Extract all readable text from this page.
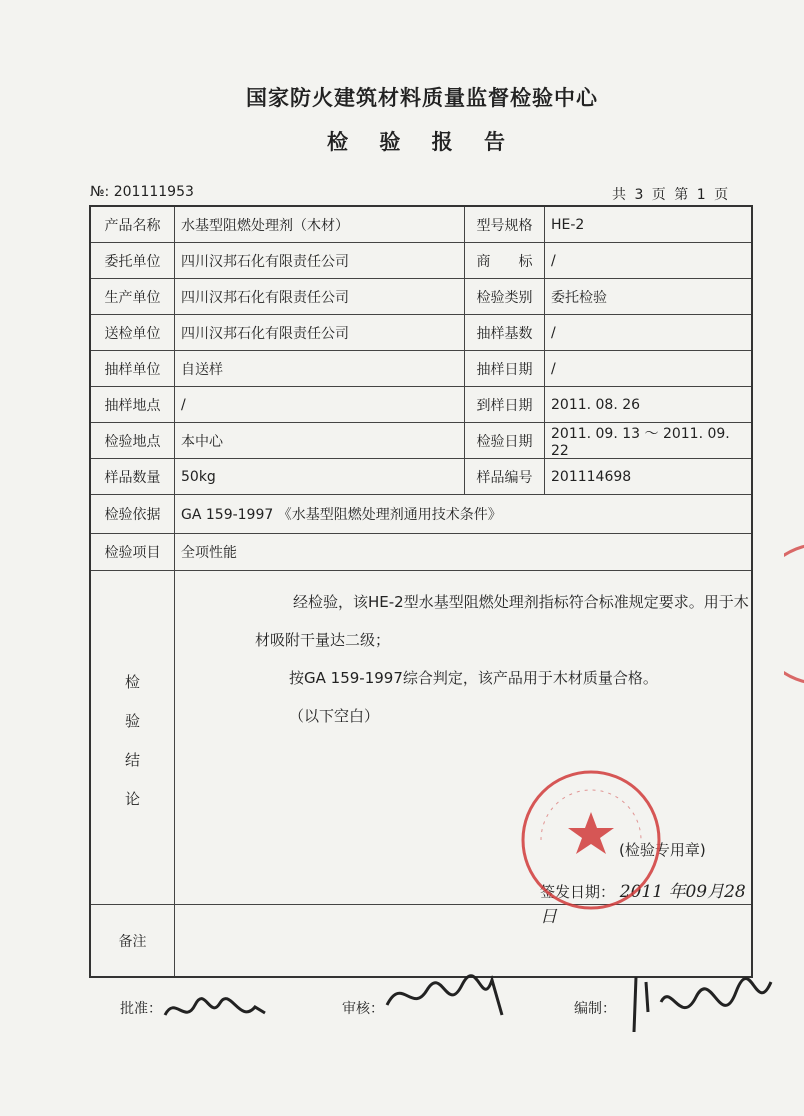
国家防火建筑材料质量监督检验中心
检 验 报 告
№: 201111953	共 3 页 第 1 页
产品名称	水基型阻燃处理剂（木材）	型号规格	HE-2
委托单位	四川汉邦石化有限责任公司	商　　标	/
生产单位	四川汉邦石化有限责任公司	检验类别	委托检验
送检单位	四川汉邦石化有限责任公司	抽样基数	/
抽样单位	自送样	抽样日期	/
抽样地点	/	到样日期	2011. 08. 26
检验地点	本中心	检验日期	2011. 09. 13 ～ 2011. 09. 22
样品数量	50kg	样品编号	201114698
检验依据	GA 159-1997 《水基型阻燃处理剂通用技术条件》
检验项目	全项性能
检
验
结
论
经检验，该HE-2型水基型阻燃处理剂指标符合标准规定要求。用于木
材吸附干量达二级；
按GA 159-1997综合判定，该产品用于木材质量合格。
（以下空白）
(检验专用章)
签发日期： 2011 年09月28日
备注
批准：	审核：	编制：
